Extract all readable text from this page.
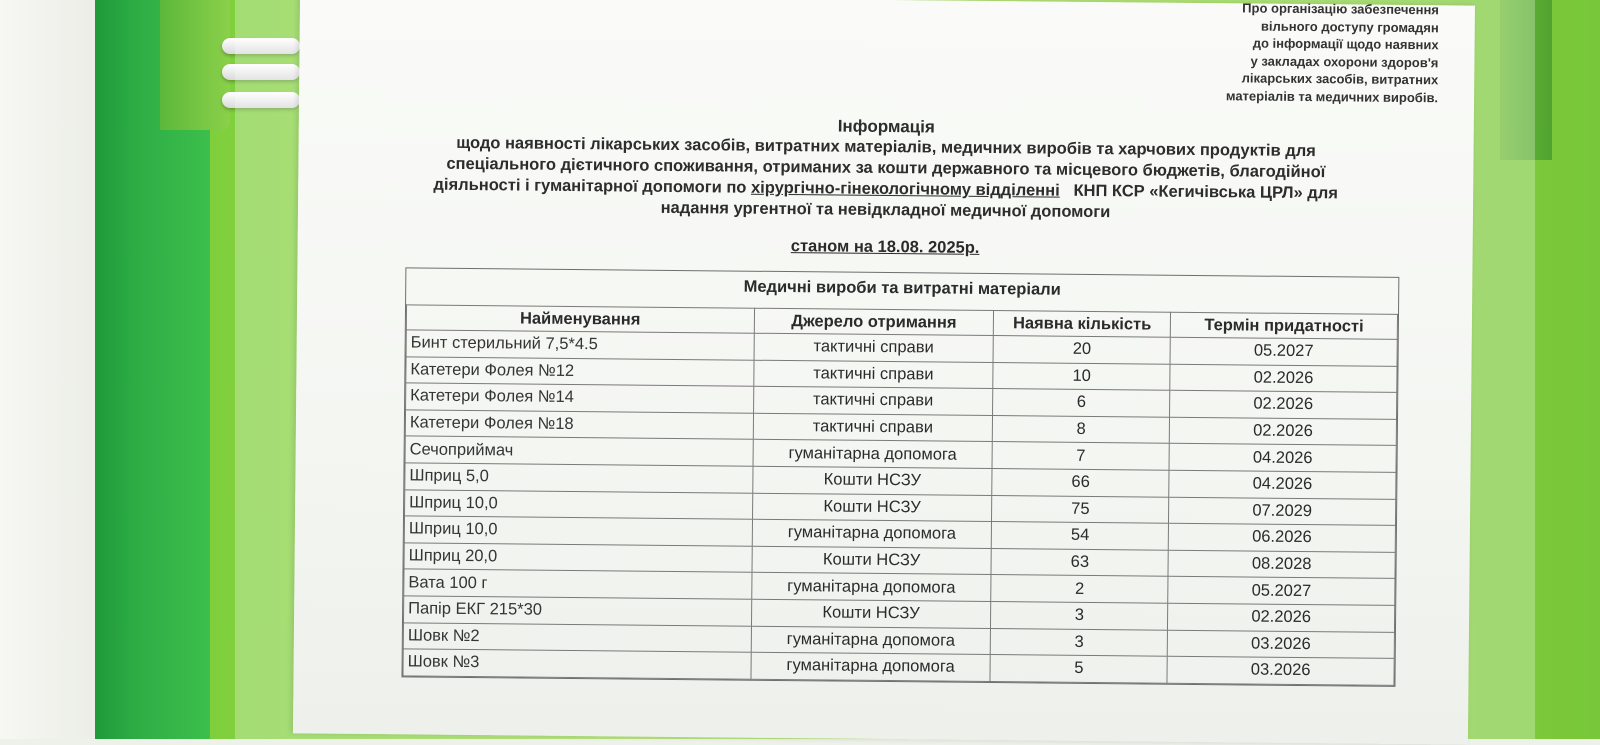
Про організацію забезпечення
вільного доступу громадян
до інформації щодо наявних
у закладах охорони здоров'я
лікарських засобів, витратних
матеріалів та медичних виробів.
Інформація
щодо наявності лікарських засобів, витратних матеріалів, медичних виробів та харчових продуктів для
спеціального дієтичного споживання, отриманих за кошти державного та місцевого бюджетів, благодійної
діяльності і гуманітарної допомоги по хірургічно-гінекологічному відділенні КНП КСР «Кегичівська ЦРЛ» для
надання ургентної та невідкладної медичної допомоги
станом на 18.08. 2025р.
Медичні вироби та витратні матеріали
Найменування	Джерело отримання	Наявна кількість	Термін придатності
Бинт стерильний 7,5*4.5	тактичні справи	20	05.2027
Катетери Фолея №12	тактичні справи	10	02.2026
Катетери Фолея №14	тактичні справи	6	02.2026
Катетери Фолея №18	тактичні справи	8	02.2026
Сечоприймач	гуманітарна допомога	7	04.2026
Шприц 5,0	Кошти НСЗУ	66	04.2026
Шприц 10,0	Кошти НСЗУ	75	07.2029
Шприц 10,0	гуманітарна допомога	54	06.2026
Шприц 20,0	Кошти НСЗУ	63	08.2028
Вата 100 г	гуманітарна допомога	2	05.2027
Папір ЕКГ 215*30	Кошти НСЗУ	3	02.2026
Шовк №2	гуманітарна допомога	3	03.2026
Шовк №3	гуманітарна допомога	5	03.2026
